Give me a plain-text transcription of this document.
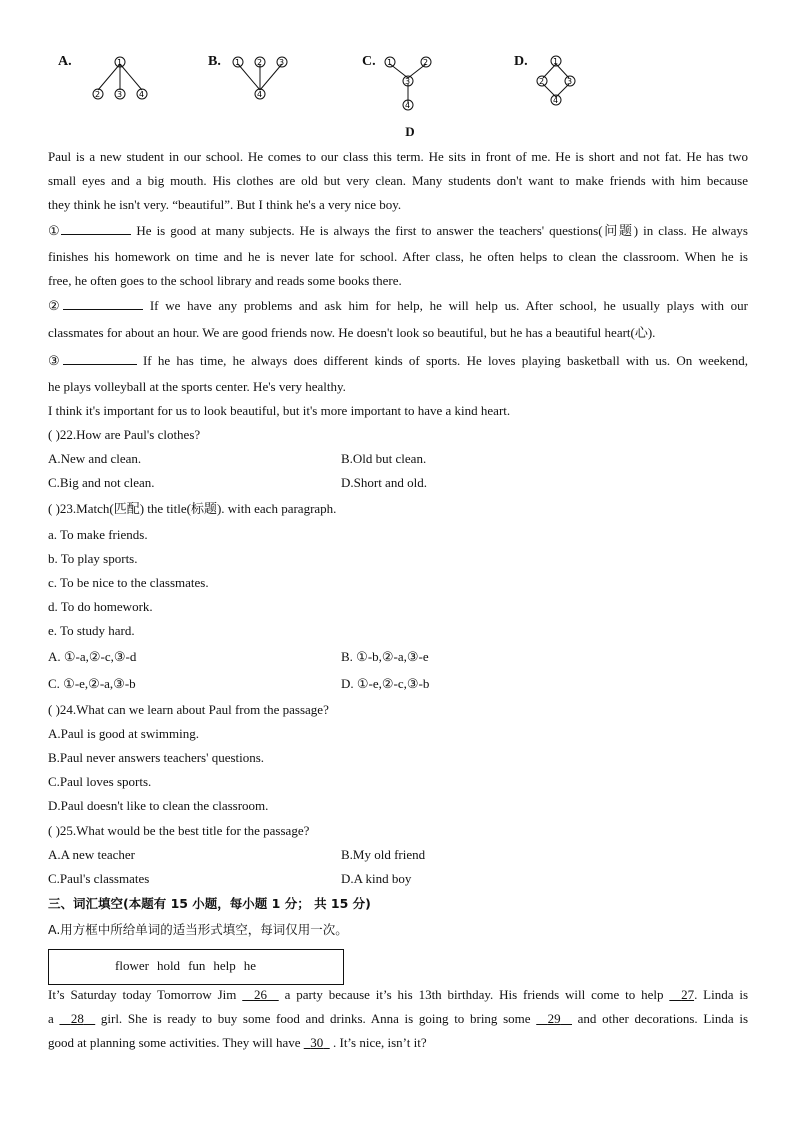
A.	1
2 3 4
B. 1 2 3
4
C. 1	2
3
4
D.	1
2	3
4
D
Paul is a new student in our school. He comes to our class this term. He sits in front of me. He is short and not fat. He has two
small eyes and a big mouth. His clothes are old but very clean. Many students don't want to make friends with him because
they think he isn't very. “beautiful”. But I think he's a very nice boy.
①	He is good at many subjects. He is always the first to answer the teachers' questions(问题) in class. He always
finishes his homework on time and he is never late for school. After class, he often helps to clean the classroom. When he is
free, he often goes to the school library and reads some books there.
②	If we have any problems and ask him for help, he will help us. After school, he usually plays with our
classmates for about an hour. We are good friends now. He doesn't look so beautiful, but he has a beautiful heart(心).
③	If he has time, he always does different kinds of sports. He loves playing basketball with us. On weekend,
he plays volleyball at the sports center. He's very healthy.
I think it's important for us to look beautiful, but it's more important to have a kind heart.
( )22.How are Paul's clothes?
A.New and clean.	B.Old but clean.
C.Big and not clean.	D.Short and old.
( )23.Match(匹配) the title(标题). with each paragraph.
a. To make friends.
b. To play sports.
c. To be nice to the classmates.
d. To do homework.
e. To study hard.
A. ①-a,②-c,③-d	B. ①-b,②-a,③-e
C. ①-e,②-a,③-b	D. ①-e,②-c,③-b
( )24.What can we learn about Paul from the passage?
A.Paul is good at swimming.
B.Paul never answers teachers' questions.
C.Paul loves sports.
D.Paul doesn't like to clean the classroom.
( )25.What would be the best title for the passage?
A.A new teacher	B.My old friend
C.Paul's classmates	D.A kind boy
三、词汇填空(本题有 15 小题，每小题 1 分； 共 15 分)
A.用方框中所给单词的适当形式填空，每词仅用一次。
flower hold fun help he
It’s Saturday today Tomorrow Jim   26   a party because it’s his 13th birthday. His friends will come to help   27. Linda is
a   28   girl. She is ready to buy some food and drinks. Anna is going to bring some   29   and other decorations. Linda is
good at planning some activities. They will have   30   . It’s nice, isn’t it?
